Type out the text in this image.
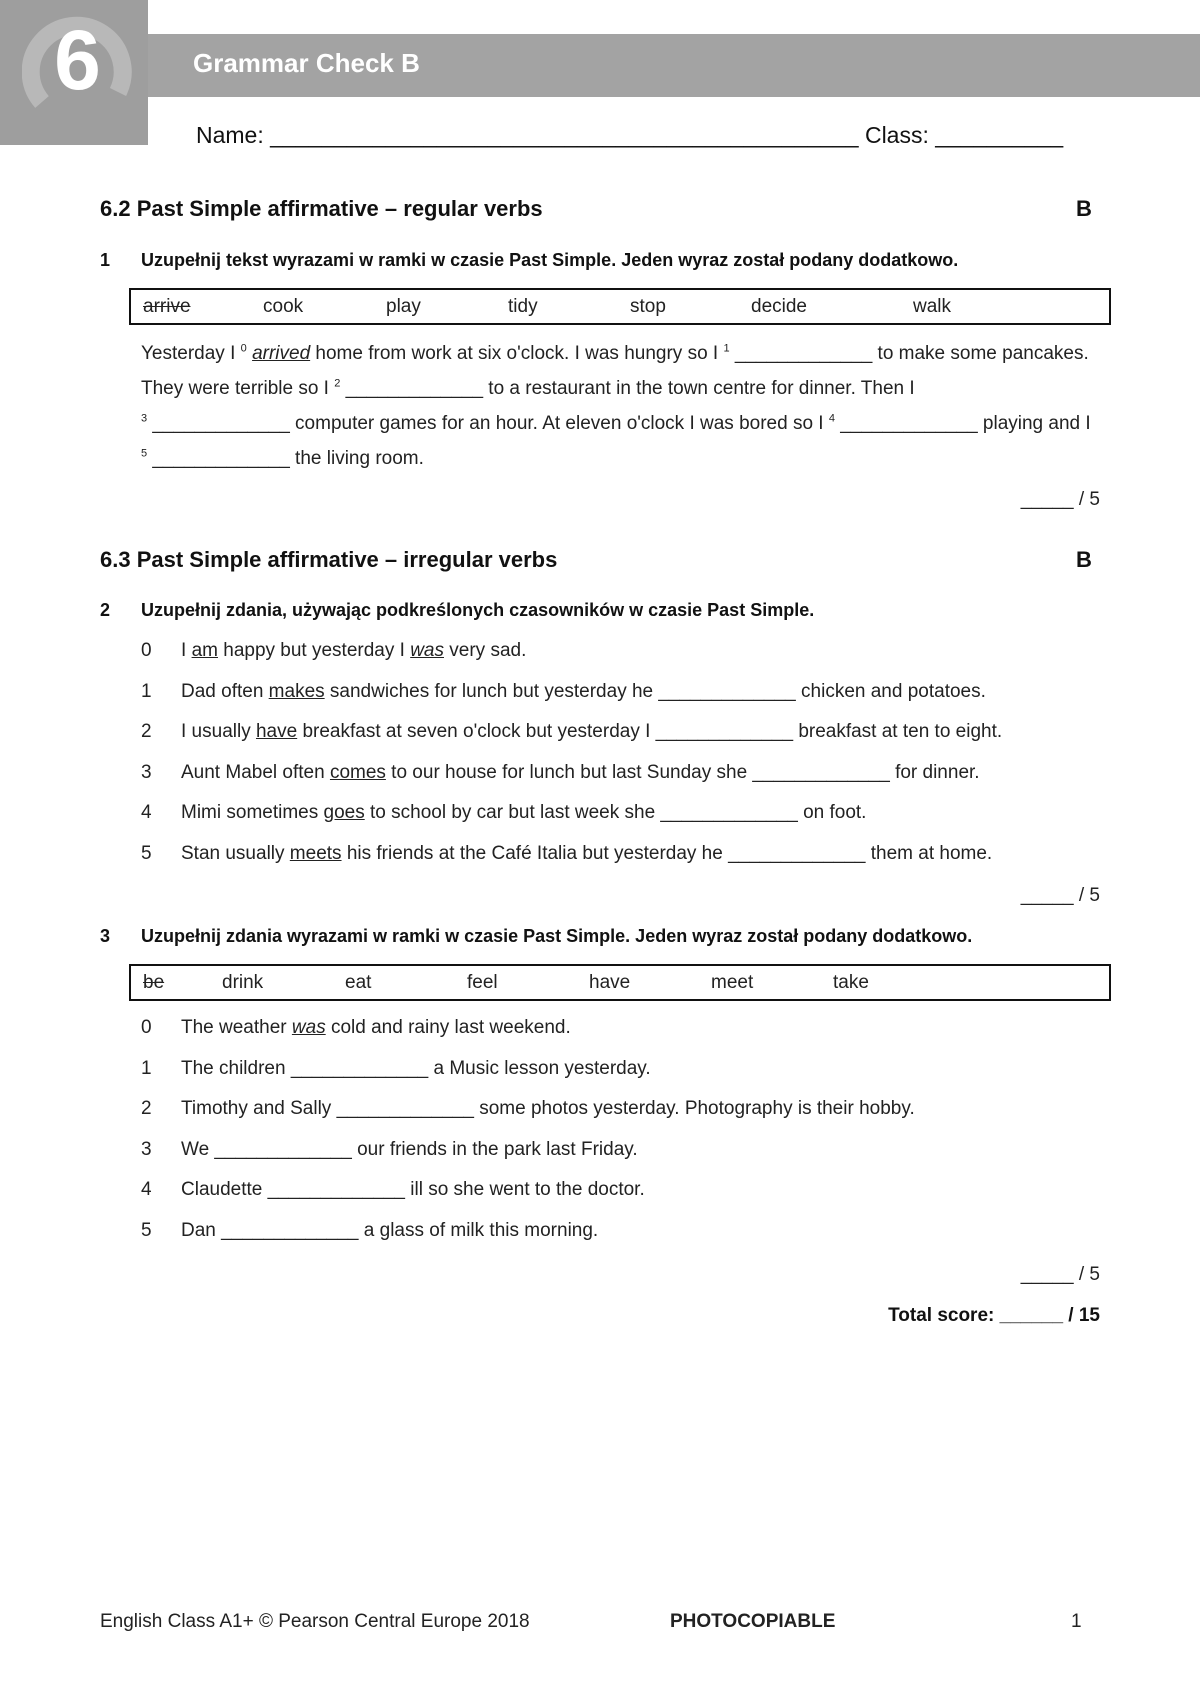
6	Grammar Check B
Name: ______________________________________________ Class: __________
6.2 Past Simple affirmative – regular verbs	B
1 Uzupełnij tekst wyrazami w ramki w czasie Past Simple. Jeden wyraz został podany dodatkowo.
arrive	cook	play	tidy	stop	decide	walk
Yesterday I $^0$ arrived home from work at six o'clock. I was hungry so I $^1$ _____________ to make some pancakes. They were terrible so I $^2$ _____________ to a restaurant in the town centre for dinner. Then I
$^3$ _____________ computer games for an hour. At eleven o'clock I was bored so I $^4$ _____________ playing and I $^5$ _____________ the living room.
_____ / 5
6.3 Past Simple affirmative – irregular verbs	B
2 Uzupełnij zdania, używając podkreślonych czasowników w czasie Past Simple.
0 I am happy but yesterday I was very sad.
1 Dad often makes sandwiches for lunch but yesterday he _____________ chicken and potatoes.
2 I usually have breakfast at seven o'clock but yesterday I _____________ breakfast at ten to eight.
3 Aunt Mabel often comes to our house for lunch but last Sunday she _____________ for dinner.
4 Mimi sometimes goes to school by car but last week she _____________ on foot.
5 Stan usually meets his friends at the Café Italia but yesterday he _____________ them at home.
_____ / 5
3 Uzupełnij zdania wyrazami w ramki w czasie Past Simple. Jeden wyraz został podany dodatkowo.
be	drink	eat	feel	have	meet	take
0 The weather was cold and rainy last weekend.
1 The children _____________ a Music lesson yesterday.
2 Timothy and Sally _____________ some photos yesterday. Photography is their hobby.
3 We _____________ our friends in the park last Friday.
4 Claudette _____________ ill so she went to the doctor.
5 Dan _____________ a glass of milk this morning.
_____ / 5
Total score: ______ / 15
English Class A1+ © Pearson Central Europe 2018	PHOTOCOPIABLE	1
